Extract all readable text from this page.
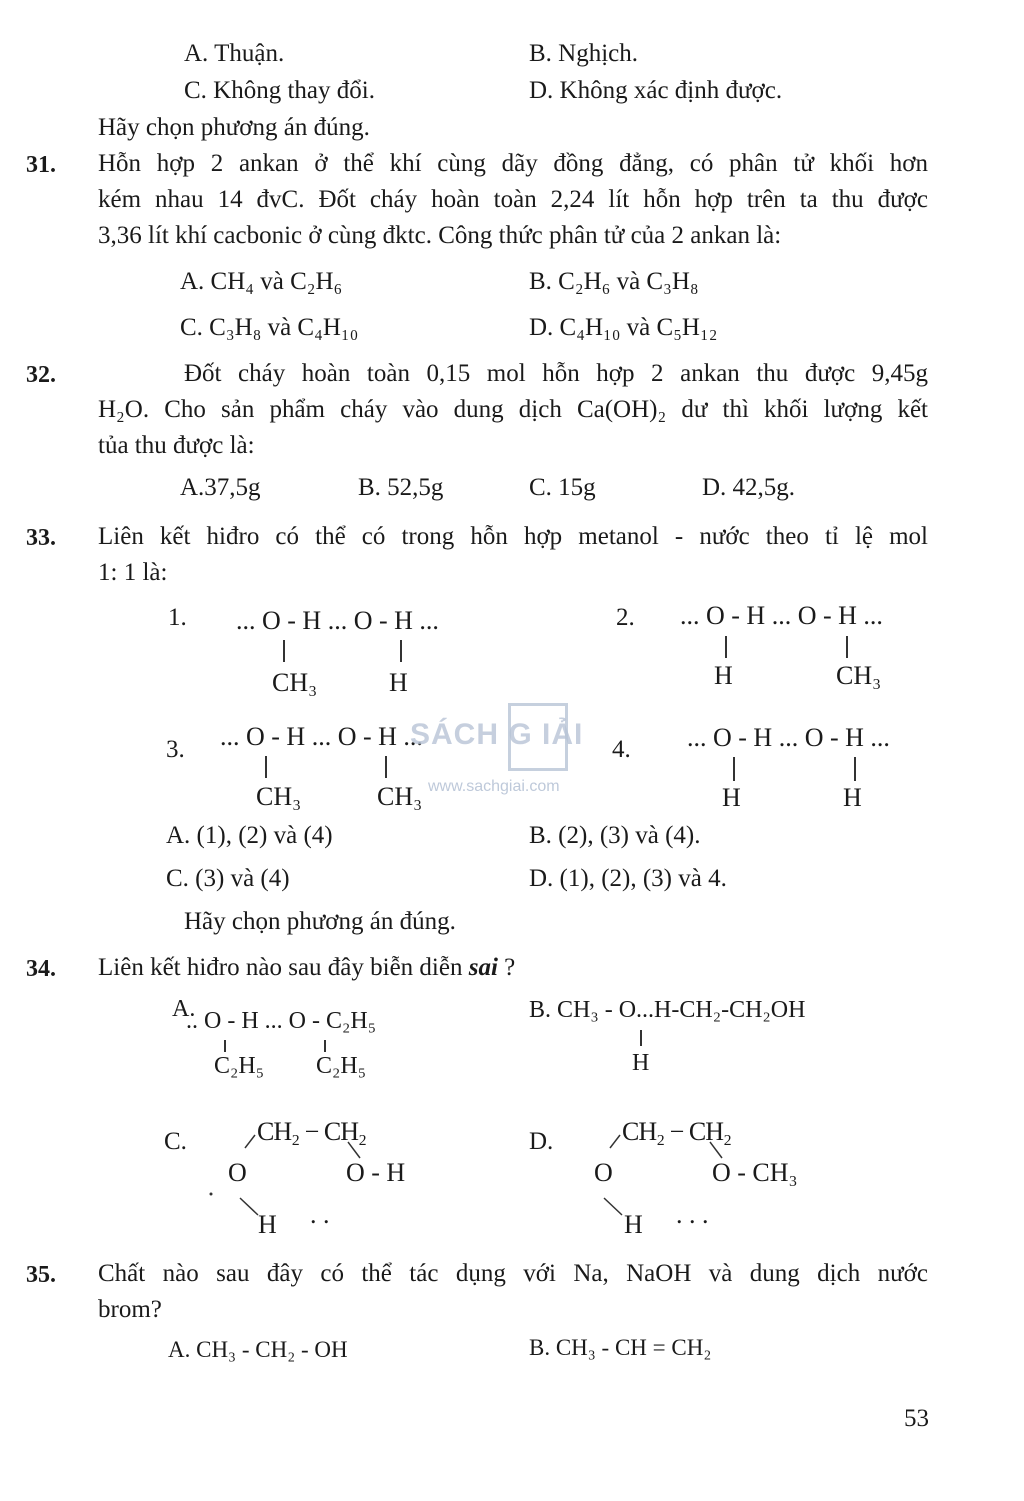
A. Thuận.	B. Nghịch.
C. Không thay đổi.	D. Không xác định được.
Hãy chọn phương án đúng.
31. Hỗn hợp 2 ankan ở thể khí cùng dãy đồng đẳng, có phân tử khối hơn
kém nhau 14 đvC. Đốt cháy hoàn toàn 2,24 lít hỗn hợp trên ta thu được
3,36 lít khí cacbonic ở cùng đktc. Công thức phân tử của 2 ankan là:
A. CH₄ và C₂H₆	B. C₂H₆ và C₃H₈
C. C₃H₈ và C₄H₁₀	D. C₄H₁₀ và C₅H₁₂
32.	Đốt cháy hoàn toàn 0,15 mol hỗn hợp 2 ankan thu được 9,45g
H₂O. Cho sản phẩm cháy vào dung dịch Ca(OH)₂ dư thì khối lượng kết
tủa thu được là:
A.37,5g	B. 52,5g	C. 15g	D. 42,5g.
33. Liên kết hiđro có thể có trong hỗn hợp metanol - nước theo tỉ lệ mol
1: 1 là:
1. ... O - H ... O - H ...
CH₃	H
2. ... O - H ... O - H ...
H	CH₃
3. ... O - H ... O - H ...
CH₃	CH₃
4. ... O - H ... O - H ...
H	H
SÁCH G IẢI
www.sachgiai.com
A. (1), (2) và (4)	B. (2), (3) và (4).
C. (3) và (4)	D. (1), (2), (3) và 4.
Hãy chọn phương án đúng.
34. Liên kết hiđro nào sau đây biễn diễn sai ?
A.
.. O - H ... O - C₂H₅
C₂H₅ C₂H₅
B. CH₃ - O...H-CH₂-CH₂OH
H
C.	CH₂ − CH₂
O	O - H
H . .
D.	CH₂ − CH₂
O	O - CH₃
H . . .
35. Chất nào sau đây có thể tác dụng với Na, NaOH và dung dịch nước
brom?
A. CH₃ - CH₂ - OH	B. CH₃ - CH = CH₂
53
